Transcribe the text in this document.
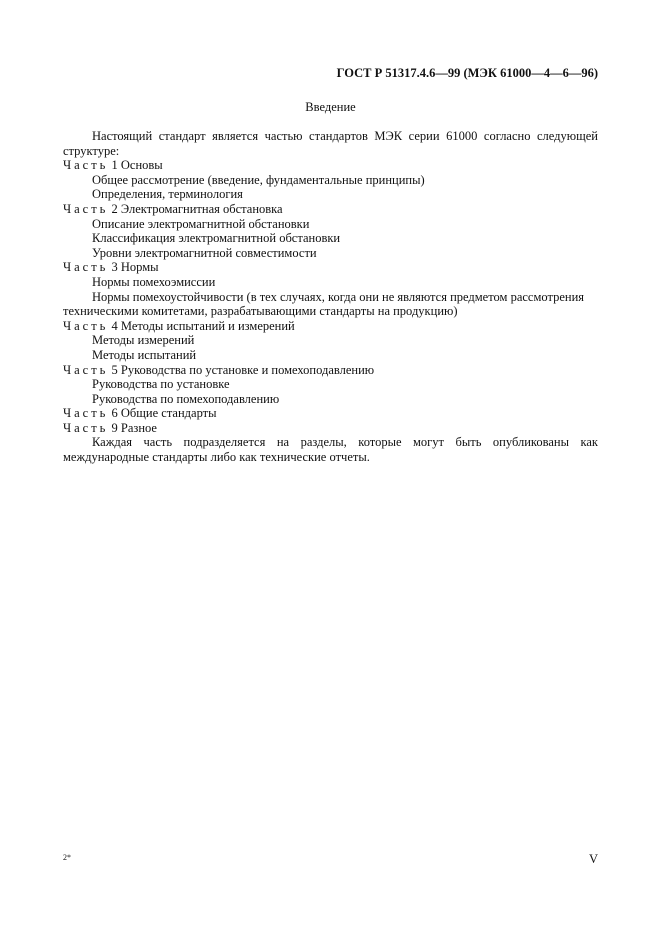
ГОСТ Р 51317.4.6—99 (МЭК 61000—4—6—96)
Введение

Настоящий стандарт является частью стандартов МЭК серии 61000 согласно следующей структуре:

Часть 1 Основы

Общее рассмотрение (введение, фундаментальные принципы)

Определения, терминология

Часть 2 Электромагнитная обстановка

Описание электромагнитной обстановки

Классификация электромагнитной обстановки

Уровни электромагнитной совместимости

Часть 3 Нормы

Нормы помехоэмиссии

Нормы помехоустойчивости (в тех случаях, когда они не являются предметом рассмотрения
техническими комитетами, разрабатывающими стандарты на продукцию)

Часть 4 Методы испытаний и измерений

Методы измерений

Методы испытаний

Часть 5 Руководства по установке и помехоподавлению

Руководства по установке

Руководства по помехоподавлению

Часть 6 Общие стандарты

Часть 9 Разное

Каждая часть подразделяется на разделы, которые могут быть опубликованы как международные стандарты либо как технические отчеты.

2*	V
